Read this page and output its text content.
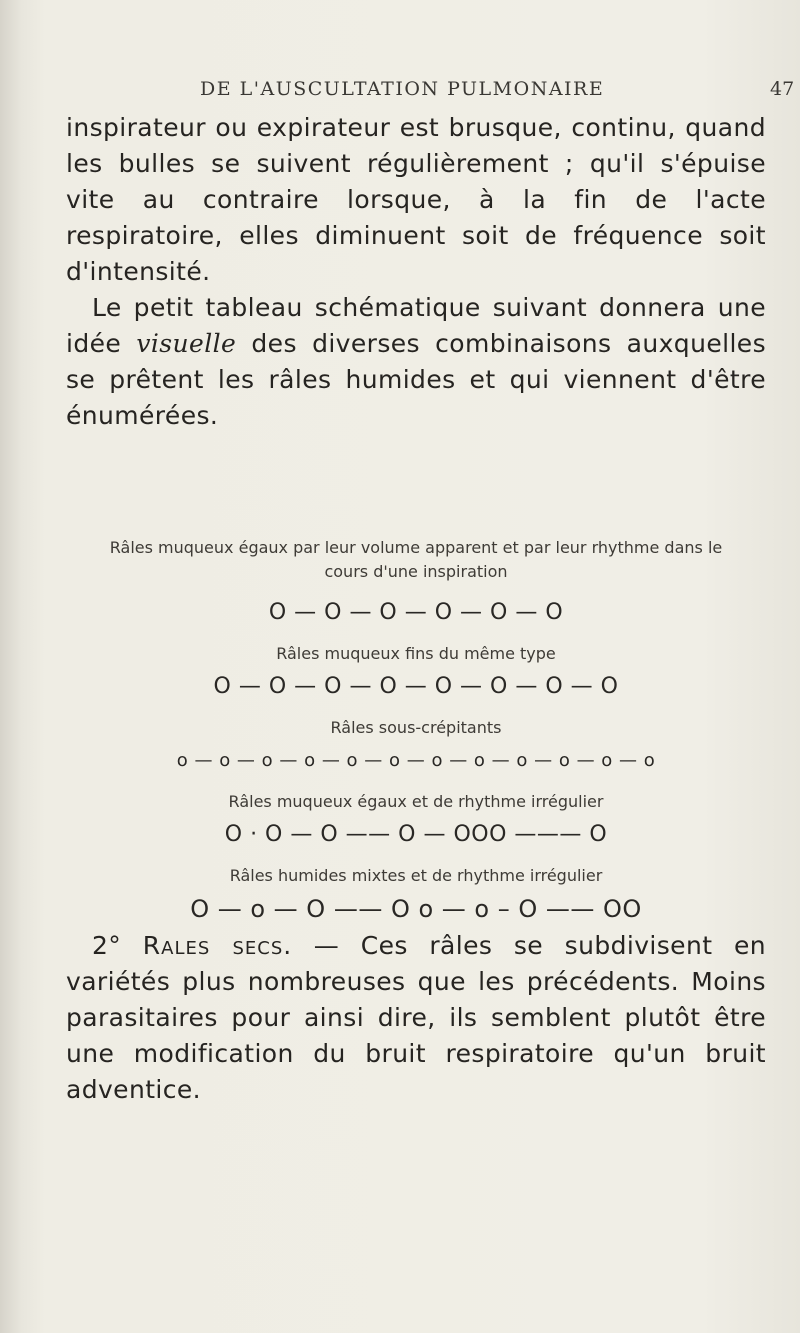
DE L'AUSCULTATION PULMONAIRE	47

inspirateur ou expirateur est brusque, continu, quand les bulles se suivent régulièrement ; qu'il s'épuise vite au contraire lorsque, à la fin de l'acte respiratoire, elles diminuent soit de fréquence soit d'intensité.

Le petit tableau schématique suivant donnera une idée visuelle des diverses combinaisons auxquelles se prêtent les râles humides et qui viennent d'être énumérées.

Râles muqueux égaux par leur volume apparent et par leur rhythme dans le cours d'une inspiration

O — O — O — O — O — O

Râles muqueux fins du même type

O — O — O — O — O — O — O — O

Râles sous-crépitants

o — o — o — o — o — o — o — o — o — o — o — o

Râles muqueux égaux et de rhythme irrégulier

O · O — O —— O — OOO ——— O

Râles humides mixtes et de rhythme irrégulier

O — o — O —— O o — o – O —— OO

2° Rales secs. — Ces râles se subdivisent en variétés plus nombreuses que les précédents. Moins parasitaires pour ainsi dire, ils semblent plutôt être une modification du bruit respiratoire qu'un bruit adventice.
